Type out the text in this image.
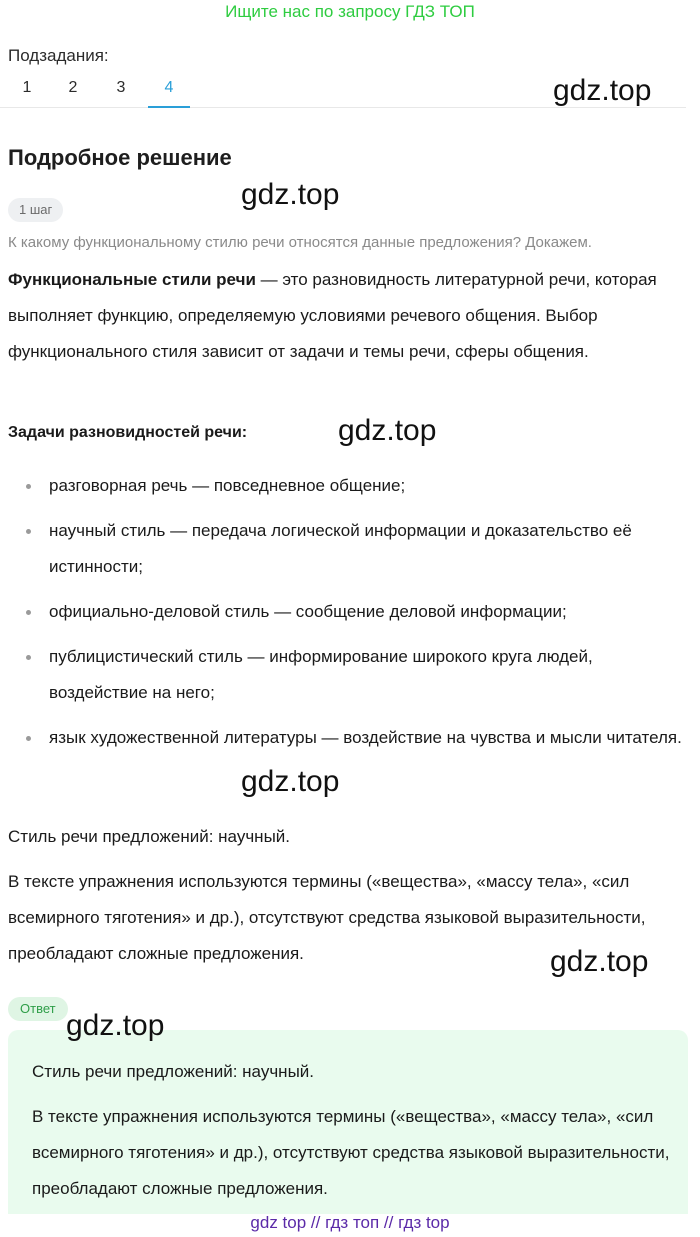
Ищите нас по запросу ГДЗ ТОП
Подзадания:
1	2	3	4	gdz.top
Подробное решение
gdz.top
1 шаг
К какому функциональному стилю речи относятся данные предложения? Докажем.
Функциональные стили речи — это разновидность литературной речи, которая выполняет функцию, определяемую условиями речевого общения. Выбор функционального стиля зависит от задачи и темы речи, сферы общения.
Задачи разновидностей речи:	gdz.top
разговорная речь — повседневное общение;
научный стиль — передача логической информации и доказательство её истинности;
официально-деловой стиль — сообщение деловой информации;
публицистический стиль — информирование широкого круга людей, воздействие на него;
язык художественной литературы — воздействие на чувства и мысли читателя.
gdz.top
Стиль речи предложений: научный.
В тексте упражнения используются термины («вещества», «массу тела», «сил всемирного тяготения» и др.), отсутствуют средства языковой выразительности, преобладают сложные предложения.	gdz.top
Ответ
Стиль речи предложений: научный.
В тексте упражнения используются термины («вещества», «массу тела», «сил всемирного тяготения» и др.), отсутствуют средства языковой выразительности, преобладают сложные предложения.
gdz.top
gdz top // гдз топ // гдз top
